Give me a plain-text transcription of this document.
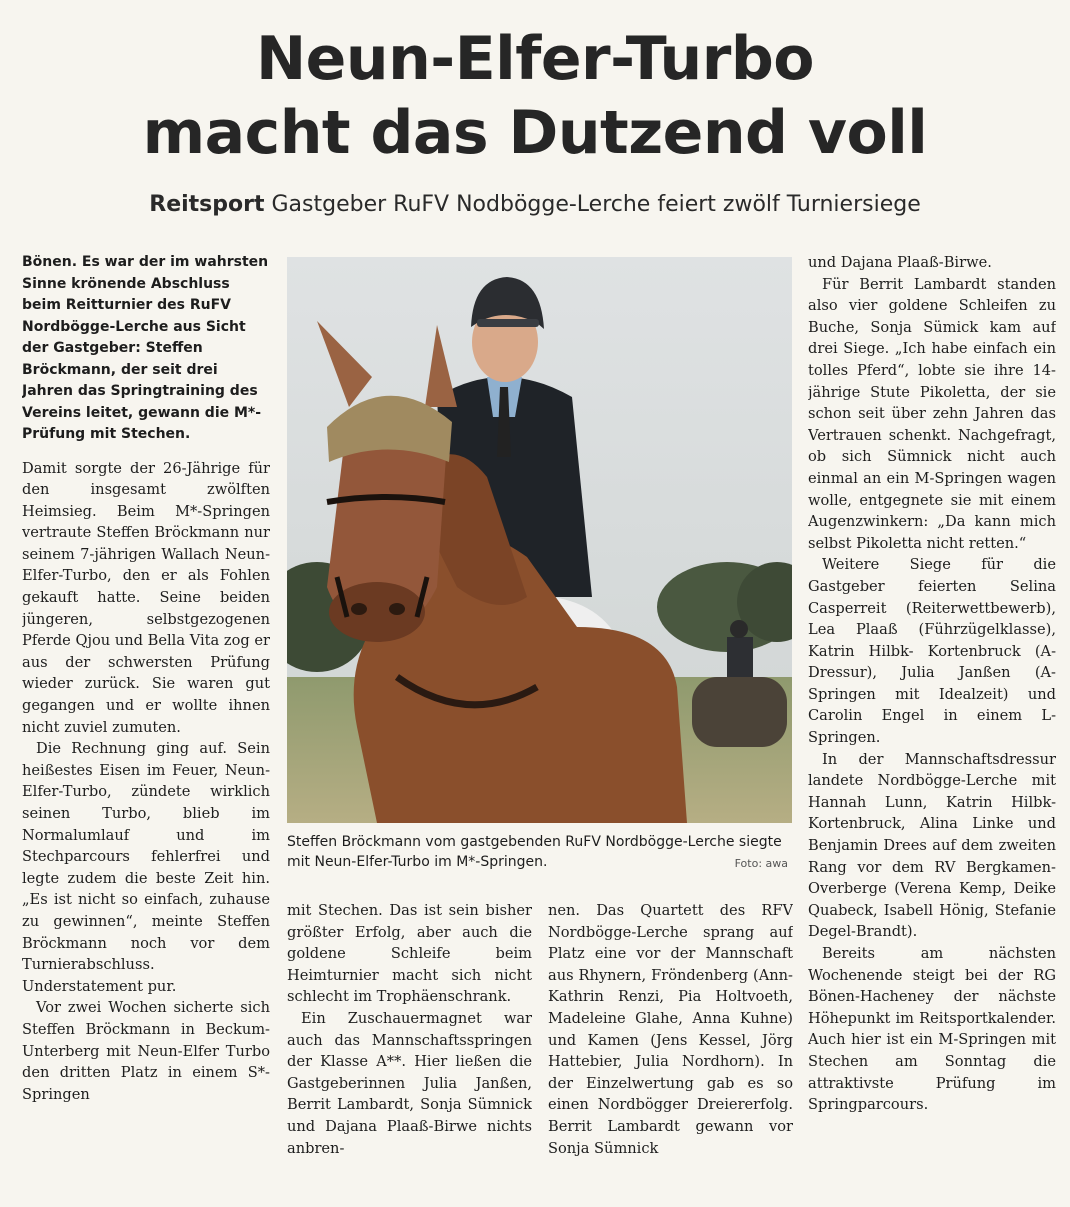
Neun-Elfer-Turbo
macht das Dutzend voll
Reitsport Gastgeber RuFV Nodbögge-Lerche feiert zwölf Turniersiege

Bönen. Es war der im wahrsten Sinne krönende Abschluss beim Reitturnier des RuFV Nordbögge-Lerche aus Sicht der Gastgeber: Steffen Bröckmann, der seit drei Jahren das Springtraining des Vereins leitet, gewann die M*-Prüfung mit Stechen.

Damit sorgte der 26-Jährige für den insgesamt zwölften Heimsieg. Beim M*-Springen vertraute Steffen Bröckmann nur seinem 7-jährigen Wallach Neun-Elfer-Turbo, den er als Fohlen gekauft hatte. Seine beiden jüngeren, selbstgezogenen Pferde Qjou und Bella Vita zog er aus der schwersten Prüfung wieder zurück. Sie waren gut gegangen und er wollte ihnen nicht zuviel zumuten.

Die Rechnung ging auf. Sein heißestes Eisen im Feuer, Neun-Elfer-Turbo, zündete wirklich seinen Turbo, blieb im Normalumlauf und im Stechparcours fehlerfrei und legte zudem die beste Zeit hin. „Es ist nicht so einfach, zuhause zu gewinnen“, meinte Steffen Bröckmann noch vor dem Turnierabschluss. Understatement pur.

Vor zwei Wochen sicherte sich Steffen Bröckmann in Beckum-Unterberg mit Neun-Elfer Turbo den dritten Platz in einem S*-Springen

Steffen Bröckmann vom gastgebenden RuFV Nordbögge-Lerche siegte mit Neun-Elfer-Turbo im M*-Springen.	Foto: awa

mit Stechen. Das ist sein bisher größter Erfolg, aber auch die goldene Schleife beim Heimturnier macht sich nicht schlecht im Trophäenschrank.

Ein Zuschauermagnet war auch das Mannschaftsspringen der Klasse A**. Hier ließen die Gastgeberinnen Julia Janßen, Berrit Lambardt, Sonja Sümnick und Dajana Plaaß-Birwe nichts anbren-

nen. Das Quartett des RFV Nordbögge-Lerche sprang auf Platz eine vor der Mannschaft aus Rhynern, Fröndenberg (Ann-Kathrin Renzi, Pia Holtvoeth, Madeleine Glahe, Anna Kuhne) und Kamen (Jens Kessel, Jörg Hattebier, Julia Nordhorn). In der Einzelwertung gab es so einen Nordbögger Dreiererfolg. Berrit Lambardt gewann vor Sonja Sümnick

und Dajana Plaaß-Birwe.

Für Berrit Lambardt standen also vier goldene Schleifen zu Buche, Sonja Sümick kam auf drei Siege. „Ich habe einfach ein tolles Pferd“, lobte sie ihre 14-jährige Stute Pikoletta, der sie schon seit über zehn Jahren das Vertrauen schenkt. Nachgefragt, ob sich Sümnick nicht auch einmal an ein M-Springen wagen wolle, entgegnete sie mit einem Augenzwinkern: „Da kann mich selbst Pikoletta nicht retten.“

Weitere Siege für die Gastgeber feierten Selina Casperreit (Reiterwettbewerb), Lea Plaaß (Führzügelklasse), Katrin Hilbk- Kortenbruck (A-Dressur), Julia Janßen (A-Springen mit Idealzeit) und Carolin Engel in einem L-Springen.

In der Mannschaftsdressur landete Nordbögge-Lerche mit Hannah Lunn, Katrin Hilbk-Kortenbruck, Alina Linke und Benjamin Drees auf dem zweiten Rang vor dem RV Bergkamen-Overberge (Verena Kemp, Deike Quabeck, Isabell Hönig, Stefanie Degel-Brandt).

Bereits am nächsten Wochenende steigt bei der RG Bönen-Hacheney der nächste Höhepunkt im Reitsportkalender. Auch hier ist ein M-Springen mit Stechen am Sonntag die attraktivste Prüfung im Springparcours.
